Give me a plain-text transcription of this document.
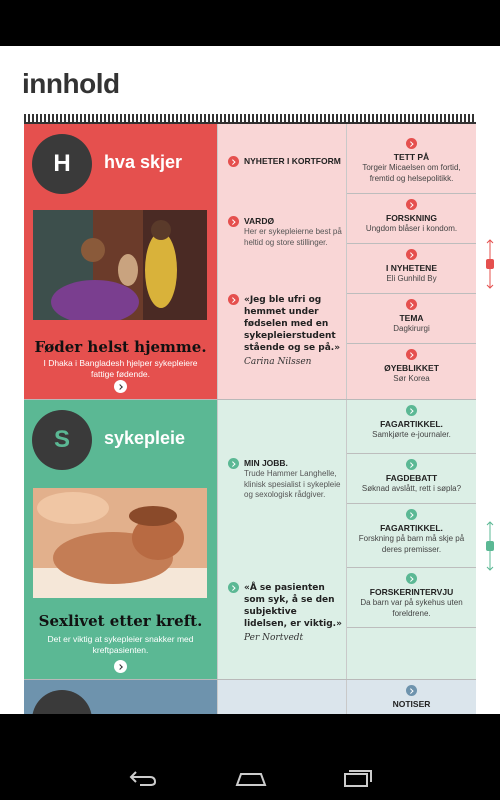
innhold
H	hva skjer
Føder helst hjemme.
I Dhaka i Bangladesh hjelper sykepleiere fattige fødende.
NYHETER I KORTFORM
VARDØ
Her er sykepleierne best på heltid og store stillinger.
«Jeg ble ufri og hemmet under fødselen med en sykepleierstudent stående og se på.»
Carina Nilssen
TETT PÅ
Torgeir Micaelsen om fortid, fremtid og helsepolitikk.
FORSKNING
Ungdom blåser i kondom.
I NYHETENE
Eli Gunhild By
TEMA
Dagkirurgi
ØYEBLIKKET
Sør Korea
S	sykepleie
Sexlivet etter kreft.
Det er viktig at sykepleier snakker med kreftpasienten.
MIN JOBB.
Trude Hammer Langhelle, klinisk spesialist i sykepleie og sexologisk rådgiver.
«Å se pasienten som syk, å se den subjektive lidelsen, er viktig.»
Per Nortvedt
FAGARTIKKEL.
Samkjørte e-journaler.
FAGDEBATT
Søknad avslått, rett i søpla?
FAGARTIKKEL.
Forskning på barn må skje på deres premisser.
FORSKERINTERVJU
Da barn var på sykehus uten foreldrene.
NOTISER
